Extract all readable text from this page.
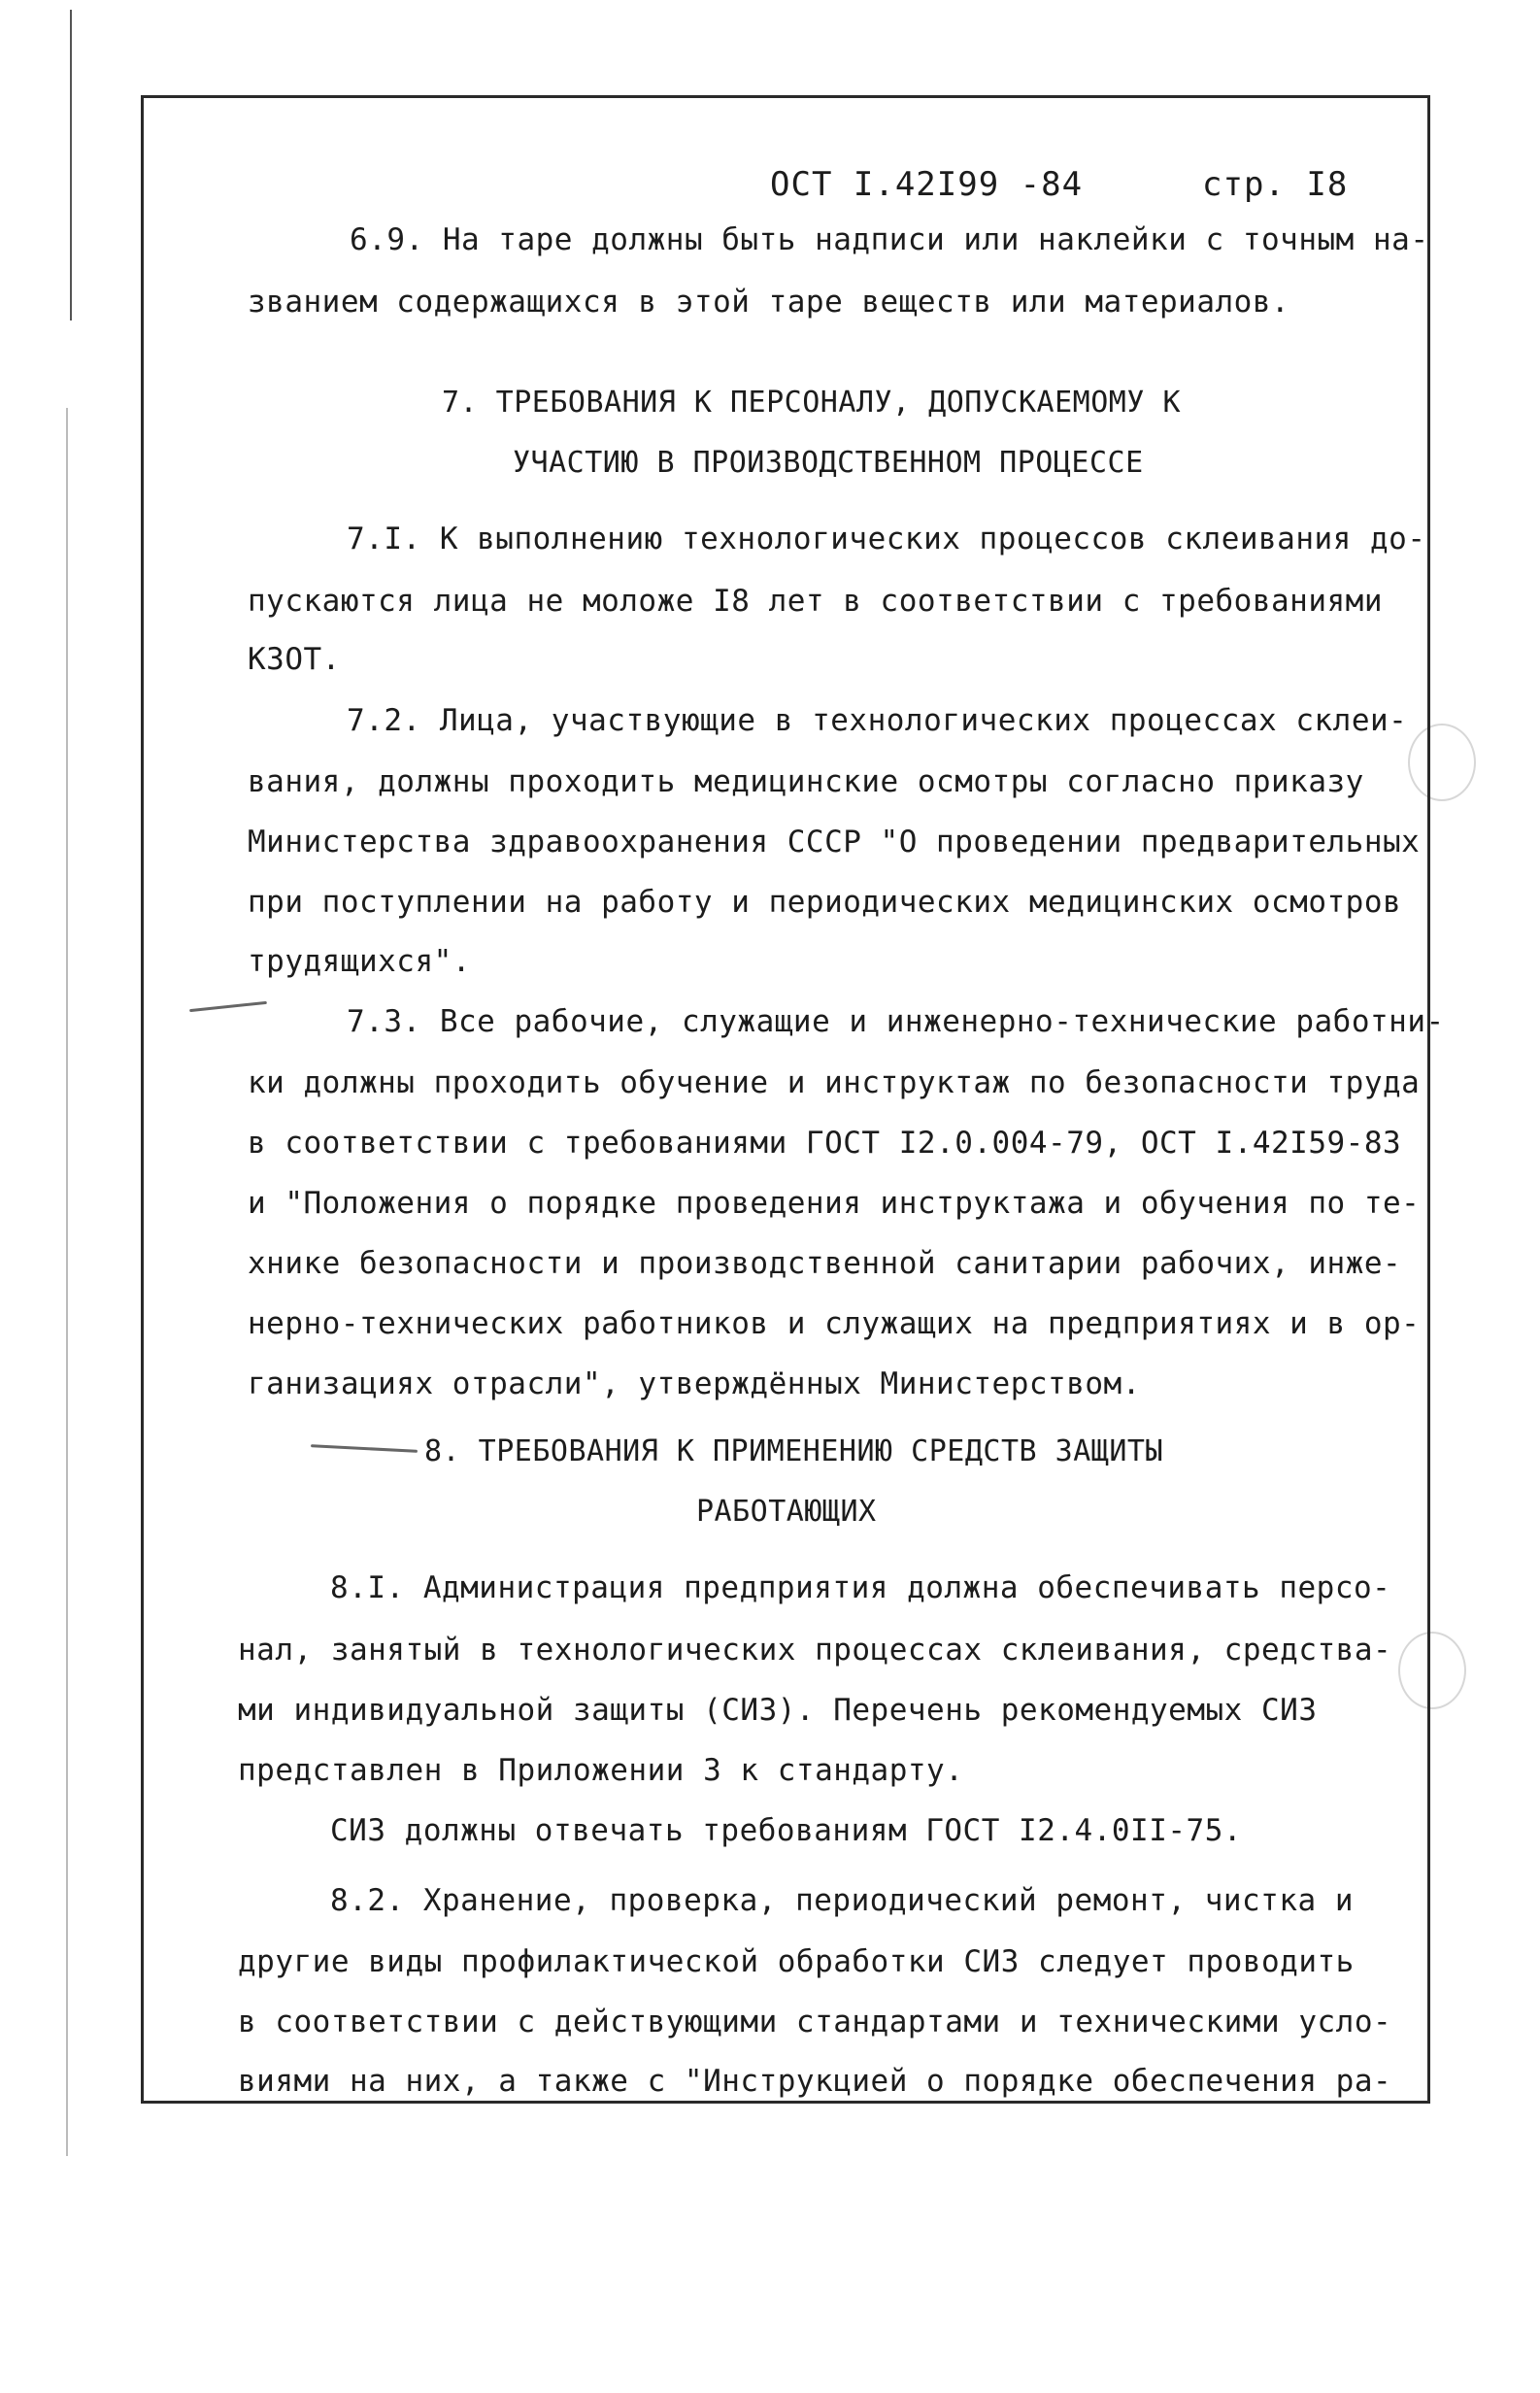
ОСТ I.42I99 -84	стр. I8
6.9. На таре должны быть надписи или наклейки с точным на-
званием содержащихся в этой таре веществ или материалов.
7. ТРЕБОВАНИЯ К ПЕРСОНАЛУ, ДОПУСКАЕМОМУ К
УЧАСТИЮ В ПРОИЗВОДСТВЕННОМ ПРОЦЕССЕ
7.I. К выполнению технологических процессов склеивания до-
пускаются лица не моложе I8 лет в соответствии с требованиями
КЗОТ.
7.2. Лица, участвующие в технологических процессах склеи-
вания, должны проходить медицинские осмотры согласно приказу
Министерства здравоохранения СССР "О проведении предварительных
при поступлении на работу и периодических медицинских осмотров
трудящихся".
7.3. Все рабочие, служащие и инженерно-технические работни-
ки должны проходить обучение и инструктаж по безопасности труда
в соответствии с требованиями ГОСТ I2.0.004-79, ОСТ I.42I59-83
и "Положения о порядке проведения инструктажа и обучения по те-
хнике безопасности и производственной санитарии рабочих, инже-
нерно-технических работников и служащих на предприятиях и в ор-
ганизациях отрасли", утверждённых Министерством.
8. ТРЕБОВАНИЯ К ПРИМЕНЕНИЮ СРЕДСТВ ЗАЩИТЫ
РАБОТАЮЩИХ
8.I. Администрация предприятия должна обеспечивать персо-
нал, занятый в технологических процессах склеивания, средства-
ми индивидуальной защиты (СИЗ). Перечень рекомендуемых СИЗ
представлен в Приложении 3 к стандарту.
СИЗ должны отвечать требованиям ГОСТ I2.4.0II-75.
8.2. Хранение, проверка, периодический ремонт, чистка и
другие виды профилактической обработки СИЗ следует проводить
в соответствии с действующими стандартами и техническими усло-
виями на них, а также с "Инструкцией о порядке обеспечения ра-
